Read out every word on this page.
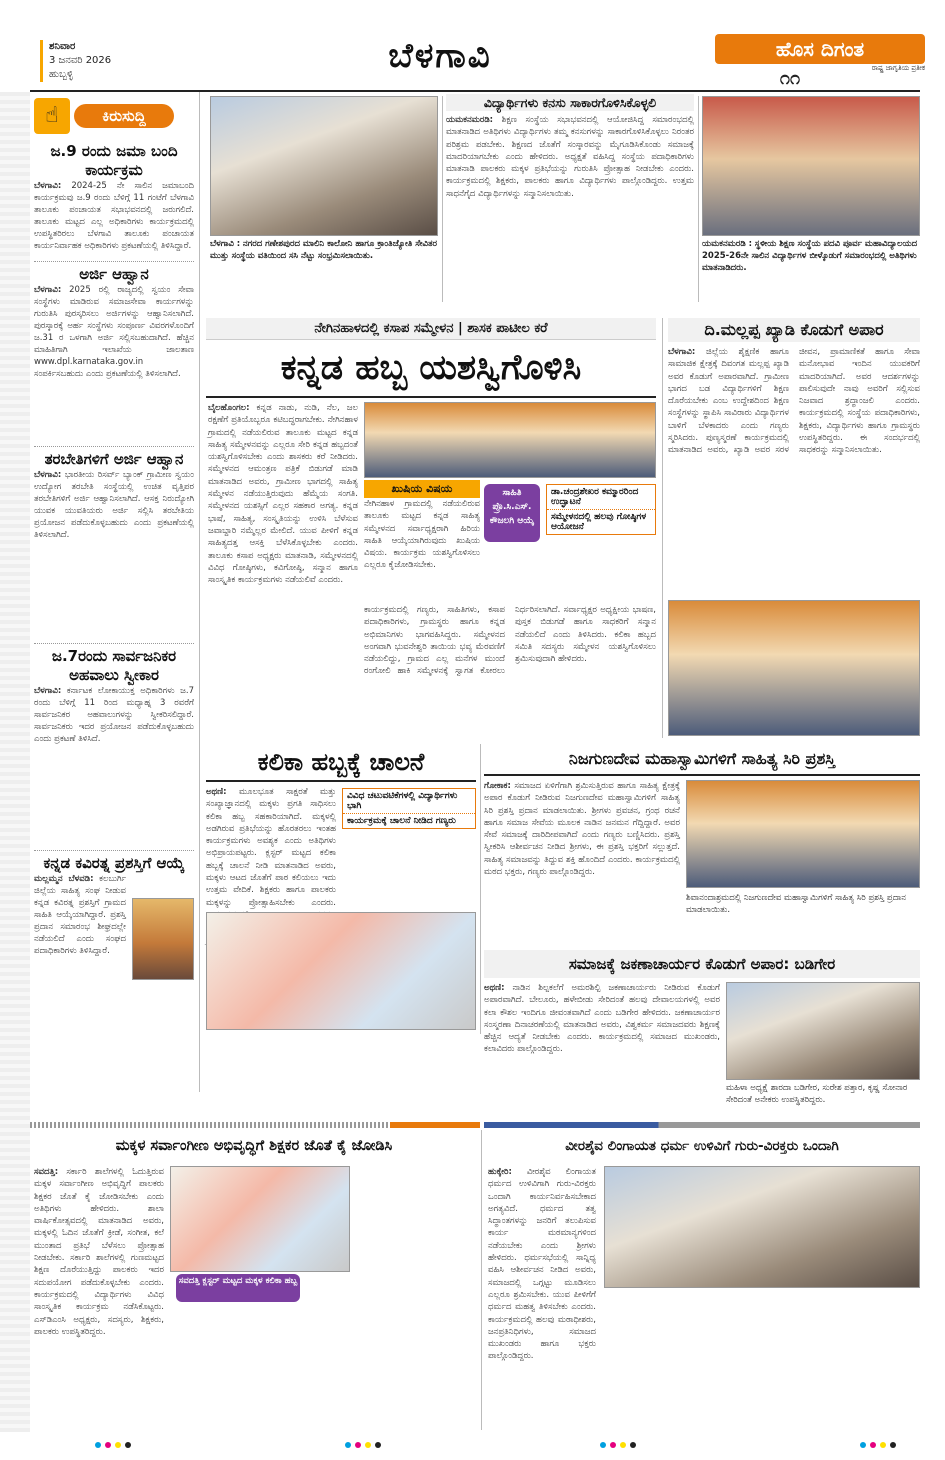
ಶನಿವಾರ
3 ಜನವರಿ 2026
ಹುಬ್ಬಳ್ಳಿ	ಬೆಳಗಾವಿ	ಹೊಸ ದಿಗಂತ
ರಾಷ್ಟ್ರ ಜಾಗೃತಿಯ ಪ್ರತೀಕ
೧೧
☝	ಕಿರುಸುದ್ದಿ
ಜ.9 ರಂದು ಜಮಾ ಬಂದಿ ಕಾರ್ಯಕ್ರಮ
ಬೆಳಗಾವಿ: 2024-25 ನೇ ಸಾಲಿನ ಜಮಾಬಂದಿ ಕಾರ್ಯಕ್ರಮವು ಜ.9 ರಂದು ಬೆಳಿಗ್ಗೆ 11 ಗಂಟೆಗೆ ಬೆಳಗಾವಿ ತಾಲೂಕು ಪಂಚಾಯತ ಸಭಾಭವನದಲ್ಲಿ ಜರುಗಲಿದೆ. ತಾಲೂಕು ಮಟ್ಟದ ಎಲ್ಲ ಅಧಿಕಾರಿಗಳು ಕಾರ್ಯಕ್ರಮದಲ್ಲಿ ಉಪಸ್ಥಿತರಿರಲು ಬೆಳಗಾವಿ ತಾಲೂಕು ಪಂಚಾಯತ ಕಾರ್ಯನಿರ್ವಾಹಕ ಅಧಿಕಾರಿಗಳು ಪ್ರಕಟಣೆಯಲ್ಲಿ ತಿಳಿಸಿದ್ದಾರೆ.
ಅರ್ಜಿ ಆಹ್ವಾನ
ಬೆಳಗಾವಿ: 2025 ರಲ್ಲಿ ರಾಜ್ಯದಲ್ಲಿ ಸ್ವಯಂ ಸೇವಾ ಸಂಸ್ಥೆಗಳು ಮಾಡಿರುವ ಸಮಾಜಸೇವಾ ಕಾರ್ಯಗಳನ್ನು ಗುರುತಿಸಿ ಪುರಸ್ಕರಿಸಲು ಅರ್ಜಿಗಳನ್ನು ಆಹ್ವಾನಿಸಲಾಗಿದೆ. ಪುರಸ್ಕಾರಕ್ಕೆ ಅರ್ಹ ಸಂಸ್ಥೆಗಳು ಸಂಪೂರ್ಣ ವಿವರಗಳೊಂದಿಗೆ ಜ.31 ರ ಒಳಗಾಗಿ ಅರ್ಜಿ ಸಲ್ಲಿಸಬಹುದಾಗಿದೆ. ಹೆಚ್ಚಿನ ಮಾಹಿತಿಗಾಗಿ ಇಲಾಖೆಯ ಜಾಲತಾಣ www.dpl.karnataka.gov.in ಸಂಪರ್ಕಿಸಬಹುದು ಎಂದು ಪ್ರಕಟಣೆಯಲ್ಲಿ ತಿಳಿಸಲಾಗಿದೆ.
ತರಬೇತಿಗಳಿಗೆ ಅರ್ಜಿ ಆಹ್ವಾನ
ಬೆಳಗಾವಿ: ಭಾರತೀಯ ರಿಸರ್ವ್ ಬ್ಯಾಂಕ್ ಗ್ರಾಮೀಣ ಸ್ವಯಂ ಉದ್ಯೋಗ ತರಬೇತಿ ಸಂಸ್ಥೆಯಲ್ಲಿ ಉಚಿತ ವೃತ್ತಿಪರ ತರಬೇತಿಗಳಿಗೆ ಅರ್ಜಿ ಆಹ್ವಾನಿಸಲಾಗಿದೆ. ಆಸಕ್ತ ನಿರುದ್ಯೋಗಿ ಯುವಕ ಯುವತಿಯರು ಅರ್ಜಿ ಸಲ್ಲಿಸಿ ತರಬೇತಿಯ ಪ್ರಯೋಜನ ಪಡೆದುಕೊಳ್ಳಬಹುದು ಎಂದು ಪ್ರಕಟಣೆಯಲ್ಲಿ ತಿಳಿಸಲಾಗಿದೆ.
ಜ.7ರಂದು ಸಾರ್ವಜನಿಕರ ಅಹವಾಲು ಸ್ವೀಕಾರ
ಬೆಳಗಾವಿ: ಕರ್ನಾಟಕ ಲೋಕಾಯುಕ್ತ ಅಧಿಕಾರಿಗಳು ಜ.7 ರಂದು ಬೆಳಿಗ್ಗೆ 11 ರಿಂದ ಮಧ್ಯಾಹ್ನ 3 ರವರೆಗೆ ಸಾರ್ವಜನಿಕರ ಅಹವಾಲುಗಳನ್ನು ಸ್ವೀಕರಿಸಲಿದ್ದಾರೆ. ಸಾರ್ವಜನಿಕರು ಇದರ ಪ್ರಯೋಜನ ಪಡೆದುಕೊಳ್ಳಬಹುದು ಎಂದು ಪ್ರಕಟಣೆ ತಿಳಿಸಿದೆ.
ಕನ್ನಡ ಕವಿರತ್ನ ಪ್ರಶಸ್ತಿಗೆ ಆಯ್ಕೆ
ಮಲ್ಲಮ್ಮನ ಬೆಳವಡಿ: ಕಲಬುರ್ಗಿ ಜಿಲ್ಲೆಯ ಸಾಹಿತ್ಯ ಸಂಘ ನೀಡುವ ಕನ್ನಡ ಕವಿರತ್ನ ಪ್ರಶಸ್ತಿಗೆ ಗ್ರಾಮದ ಸಾಹಿತಿ ಆಯ್ಕೆಯಾಗಿದ್ದಾರೆ. ಪ್ರಶಸ್ತಿ ಪ್ರದಾನ ಸಮಾರಂಭ ಶೀಘ್ರದಲ್ಲೇ ನಡೆಯಲಿದೆ ಎಂದು ಸಂಘದ ಪದಾಧಿಕಾರಿಗಳು ತಿಳಿಸಿದ್ದಾರೆ.
ಬೆಳಗಾವಿ : ನಗರದ ಗಣೇಶಪುರದ ಮಾಲಿನಿ ಕಾಲೋನಿ ಹಾಗೂ ಕ್ರಾಂತಿಜ್ಯೋತಿ ಸೇವಿತರ ಮುತ್ತು ಸಂಸ್ಥೆಯ ವತಿಯಿಂದ ಸಸಿ ನೆಟ್ಟು ಸಂಭ್ರಮಿಸಲಾಯಿತು.
ವಿದ್ಯಾರ್ಥಿಗಳು ಕನಸು ಸಾಕಾರಗೊಳಿಸಿಕೊಳ್ಳಲಿ
ಯಮಕನಮರಡಿ: ಶಿಕ್ಷಣ ಸಂಸ್ಥೆಯ ಸಭಾಭವನದಲ್ಲಿ ಆಯೋಜಿಸಿದ್ದ ಸಮಾರಂಭದಲ್ಲಿ ಮಾತನಾಡಿದ ಅತಿಥಿಗಳು ವಿದ್ಯಾರ್ಥಿಗಳು ತಮ್ಮ ಕನಸುಗಳನ್ನು ಸಾಕಾರಗೊಳಿಸಿಕೊಳ್ಳಲು ನಿರಂತರ ಪರಿಶ್ರಮ ಪಡಬೇಕು. ಶಿಕ್ಷಣದ ಜೊತೆಗೆ ಸಂಸ್ಕಾರವನ್ನು ಮೈಗೂಡಿಸಿಕೊಂಡು ಸಮಾಜಕ್ಕೆ ಮಾದರಿಯಾಗಬೇಕು ಎಂದು ಹೇಳಿದರು. ಅಧ್ಯಕ್ಷತೆ ವಹಿಸಿದ್ದ ಸಂಸ್ಥೆಯ ಪದಾಧಿಕಾರಿಗಳು ಮಾತನಾಡಿ ಪಾಲಕರು ಮಕ್ಕಳ ಪ್ರತಿಭೆಯನ್ನು ಗುರುತಿಸಿ ಪ್ರೋತ್ಸಾಹ ನೀಡಬೇಕು ಎಂದರು. ಕಾರ್ಯಕ್ರಮದಲ್ಲಿ ಶಿಕ್ಷಕರು, ಪಾಲಕರು ಹಾಗೂ ವಿದ್ಯಾರ್ಥಿಗಳು ಪಾಲ್ಗೊಂಡಿದ್ದರು. ಉತ್ತಮ ಸಾಧನೆಗೈದ ವಿದ್ಯಾರ್ಥಿಗಳನ್ನು ಸನ್ಮಾನಿಸಲಾಯಿತು.
ಯಮಕನಮರಡಿ : ಸ್ಥಳೀಯ ಶಿಕ್ಷಣ ಸಂಸ್ಥೆಯ ಪದವಿ ಪೂರ್ವ ಮಹಾವಿದ್ಯಾಲಯದ 2025-26ನೇ ಸಾಲಿನ ವಿದ್ಯಾರ್ಥಿಗಳ ಬೀಳ್ಕೊಡುಗೆ ಸಮಾರಂಭದಲ್ಲಿ ಅತಿಥಿಗಳು ಮಾತನಾಡಿದರು.
ನೇಗಿನಹಾಳದಲ್ಲಿ ಕಸಾಪ ಸಮ್ಮೇಳನ | ಶಾಸಕ ಪಾಟೀಲ ಕರೆ
ಕನ್ನಡ ಹಬ್ಬ ಯಶಸ್ವಿಗೊಳಿಸಿ
ಬೈಲಹೊಂಗಲ: ಕನ್ನಡ ನಾಡು, ನುಡಿ, ನೆಲ, ಜಲ ರಕ್ಷಣೆಗೆ ಪ್ರತಿಯೊಬ್ಬರೂ ಕಟಿಬದ್ಧರಾಗಬೇಕು. ನೇಗಿನಹಾಳ ಗ್ರಾಮದಲ್ಲಿ ನಡೆಯಲಿರುವ ತಾಲೂಕು ಮಟ್ಟದ ಕನ್ನಡ ಸಾಹಿತ್ಯ ಸಮ್ಮೇಳನವನ್ನು ಎಲ್ಲರೂ ಸೇರಿ ಕನ್ನಡ ಹಬ್ಬದಂತೆ ಯಶಸ್ವಿಗೊಳಿಸಬೇಕು ಎಂದು ಶಾಸಕರು ಕರೆ ನೀಡಿದರು. ಸಮ್ಮೇಳನದ ಆಮಂತ್ರಣ ಪತ್ರಿಕೆ ಬಿಡುಗಡೆ ಮಾಡಿ ಮಾತನಾಡಿದ ಅವರು, ಗ್ರಾಮೀಣ ಭಾಗದಲ್ಲಿ ಸಾಹಿತ್ಯ ಸಮ್ಮೇಳನ ನಡೆಯುತ್ತಿರುವುದು ಹೆಮ್ಮೆಯ ಸಂಗತಿ. ಸಮ್ಮೇಳನದ ಯಶಸ್ಸಿಗೆ ಎಲ್ಲರ ಸಹಕಾರ ಅಗತ್ಯ. ಕನ್ನಡ ಭಾಷೆ, ಸಾಹಿತ್ಯ, ಸಂಸ್ಕೃತಿಯನ್ನು ಉಳಿಸಿ ಬೆಳೆಸುವ ಜವಾಬ್ದಾರಿ ನಮ್ಮೆಲ್ಲರ ಮೇಲಿದೆ. ಯುವ ಪೀಳಿಗೆ ಕನ್ನಡ ಸಾಹಿತ್ಯದತ್ತ ಆಸಕ್ತಿ ಬೆಳೆಸಿಕೊಳ್ಳಬೇಕು ಎಂದರು. ತಾಲೂಕು ಕಸಾಪ ಅಧ್ಯಕ್ಷರು ಮಾತನಾಡಿ, ಸಮ್ಮೇಳನದಲ್ಲಿ ವಿವಿಧ ಗೋಷ್ಠಿಗಳು, ಕವಿಗೋಷ್ಠಿ, ಸನ್ಮಾನ ಹಾಗೂ ಸಾಂಸ್ಕೃತಿಕ ಕಾರ್ಯಕ್ರಮಗಳು ನಡೆಯಲಿವೆ ಎಂದರು.
ಖುಷಿಯ ವಿಷಯ
ನೇಗಿನಹಾಳ ಗ್ರಾಮದಲ್ಲಿ ನಡೆಯಲಿರುವ ತಾಲೂಕು ಮಟ್ಟದ ಕನ್ನಡ ಸಾಹಿತ್ಯ ಸಮ್ಮೇಳನದ ಸರ್ವಾಧ್ಯಕ್ಷರಾಗಿ ಹಿರಿಯ ಸಾಹಿತಿ ಆಯ್ಕೆಯಾಗಿರುವುದು ಖುಷಿಯ ವಿಷಯ. ಕಾರ್ಯಕ್ರಮ ಯಶಸ್ವಿಗೊಳಿಸಲು ಎಲ್ಲರೂ ಕೈಜೋಡಿಸಬೇಕು.
ಸಾಹಿತಿ ಪ್ರೊ.ಸಿ.ಎಸ್. ಕೌಜಲಗಿ ಆಯ್ಕೆ
ಡಾ.ಚಂದ್ರಶೇಖರ ಕಮ್ಮಾರರಿಂದ ಉದ್ಘಾಟನೆ
ಸಮ್ಮೇಳನದಲ್ಲಿ ಹಲವು ಗೋಷ್ಠಿಗಳ ಆಯೋಜನೆ
ಕಾರ್ಯಕ್ರಮದಲ್ಲಿ ಗಣ್ಯರು, ಸಾಹಿತಿಗಳು, ಕಸಾಪ ಪದಾಧಿಕಾರಿಗಳು, ಗ್ರಾಮಸ್ಥರು ಹಾಗೂ ಕನ್ನಡ ಅಭಿಮಾನಿಗಳು ಭಾಗವಹಿಸಿದ್ದರು. ಸಮ್ಮೇಳನದ ಅಂಗವಾಗಿ ಭುವನೇಶ್ವರಿ ತಾಯಿಯ ಭವ್ಯ ಮೆರವಣಿಗೆ ನಡೆಯಲಿದ್ದು, ಗ್ರಾಮದ ಎಲ್ಲ ಮನೆಗಳ ಮುಂದೆ ರಂಗೋಲಿ ಹಾಕಿ ಸಮ್ಮೇಳನಕ್ಕೆ ಸ್ವಾಗತ ಕೋರಲು ನಿರ್ಧರಿಸಲಾಗಿದೆ. ಸರ್ವಾಧ್ಯಕ್ಷರ ಅಧ್ಯಕ್ಷೀಯ ಭಾಷಣ, ಪುಸ್ತಕ ಬಿಡುಗಡೆ ಹಾಗೂ ಸಾಧಕರಿಗೆ ಸನ್ಮಾನ ನಡೆಯಲಿದೆ ಎಂದು ತಿಳಿಸಿದರು. ಕಲಿಕಾ ಹಬ್ಬದ ಸಮಿತಿ ಸದಸ್ಯರು ಸಮ್ಮೇಳನ ಯಶಸ್ವಿಗೊಳಿಸಲು ಶ್ರಮಿಸುವುದಾಗಿ ಹೇಳಿದರು.
ದಿ.ಮಲ್ಲಪ್ಪ ಖ್ಯಾಡಿ ಕೊಡುಗೆ ಅಪಾರ
ಬೆಳಗಾವಿ: ಜಿಲ್ಲೆಯ ಶೈಕ್ಷಣಿಕ ಹಾಗೂ ಸಾಮಾಜಿಕ ಕ್ಷೇತ್ರಕ್ಕೆ ದಿವಂಗತ ಮಲ್ಲಪ್ಪ ಖ್ಯಾಡಿ ಅವರ ಕೊಡುಗೆ ಅಪಾರವಾಗಿದೆ. ಗ್ರಾಮೀಣ ಭಾಗದ ಬಡ ವಿದ್ಯಾರ್ಥಿಗಳಿಗೆ ಶಿಕ್ಷಣ ದೊರೆಯಬೇಕು ಎಂಬ ಉದ್ದೇಶದಿಂದ ಶಿಕ್ಷಣ ಸಂಸ್ಥೆಗಳನ್ನು ಸ್ಥಾಪಿಸಿ ಸಾವಿರಾರು ವಿದ್ಯಾರ್ಥಿಗಳ ಬಾಳಿಗೆ ಬೆಳಕಾದರು ಎಂದು ಗಣ್ಯರು ಸ್ಮರಿಸಿದರು. ಪುಣ್ಯಸ್ಮರಣೆ ಕಾರ್ಯಕ್ರಮದಲ್ಲಿ ಮಾತನಾಡಿದ ಅವರು, ಖ್ಯಾಡಿ ಅವರ ಸರಳ ಜೀವನ, ಪ್ರಾಮಾಣಿಕತೆ ಹಾಗೂ ಸೇವಾ ಮನೋಭಾವ ಇಂದಿನ ಯುವಕರಿಗೆ ಮಾದರಿಯಾಗಿದೆ. ಅವರ ಆದರ್ಶಗಳನ್ನು ಪಾಲಿಸುವುದೇ ನಾವು ಅವರಿಗೆ ಸಲ್ಲಿಸುವ ನಿಜವಾದ ಶ್ರದ್ಧಾಂಜಲಿ ಎಂದರು. ಕಾರ್ಯಕ್ರಮದಲ್ಲಿ ಸಂಸ್ಥೆಯ ಪದಾಧಿಕಾರಿಗಳು, ಶಿಕ್ಷಕರು, ವಿದ್ಯಾರ್ಥಿಗಳು ಹಾಗೂ ಗ್ರಾಮಸ್ಥರು ಉಪಸ್ಥಿತರಿದ್ದರು. ಈ ಸಂದರ್ಭದಲ್ಲಿ ಸಾಧಕರನ್ನು ಸನ್ಮಾನಿಸಲಾಯಿತು.
ಕಲಿಕಾ ಹಬ್ಬಕ್ಕೆ ಚಾಲನೆ
ಅಥಣಿ: ಮೂಲಭೂತ ಸಾಕ್ಷರತೆ ಮತ್ತು ಸಂಖ್ಯಾಜ್ಞಾನದಲ್ಲಿ ಮಕ್ಕಳು ಪ್ರಗತಿ ಸಾಧಿಸಲು ಕಲಿಕಾ ಹಬ್ಬ ಸಹಕಾರಿಯಾಗಿದೆ. ಮಕ್ಕಳಲ್ಲಿ ಅಡಗಿರುವ ಪ್ರತಿಭೆಯನ್ನು ಹೊರತರಲು ಇಂತಹ ಕಾರ್ಯಕ್ರಮಗಳು ಅವಶ್ಯಕ ಎಂದು ಅತಿಥಿಗಳು ಅಭಿಪ್ರಾಯಪಟ್ಟರು. ಕ್ಲಸ್ಟರ್ ಮಟ್ಟದ ಕಲಿಕಾ ಹಬ್ಬಕ್ಕೆ ಚಾಲನೆ ನೀಡಿ ಮಾತನಾಡಿದ ಅವರು, ಮಕ್ಕಳು ಆಟದ ಜೊತೆಗೆ ಪಾಠ ಕಲಿಯಲು ಇದು ಉತ್ತಮ ವೇದಿಕೆ. ಶಿಕ್ಷಕರು ಹಾಗೂ ಪಾಲಕರು ಮಕ್ಕಳನ್ನು ಪ್ರೋತ್ಸಾಹಿಸಬೇಕು ಎಂದರು.
ವಿವಿಧ ಚಟುವಟಿಕೆಗಳಲ್ಲಿ ವಿದ್ಯಾರ್ಥಿಗಳು ಭಾಗಿ
ಕಾರ್ಯಕ್ರಮಕ್ಕೆ ಚಾಲನೆ ನೀಡಿದ ಗಣ್ಯರು
ನಿಜಗುಣದೇವ ಮಹಾಸ್ವಾಮಿಗಳಿಗೆ ಸಾಹಿತ್ಯ ಸಿರಿ ಪ್ರಶಸ್ತಿ
ಗೋಕಾಕ: ಸಮಾಜದ ಏಳಿಗೆಗಾಗಿ ಶ್ರಮಿಸುತ್ತಿರುವ ಹಾಗೂ ಸಾಹಿತ್ಯ ಕ್ಷೇತ್ರಕ್ಕೆ ಅಪಾರ ಕೊಡುಗೆ ನೀಡಿರುವ ನಿಜಗುಣದೇವ ಮಹಾಸ್ವಾಮಿಗಳಿಗೆ ಸಾಹಿತ್ಯ ಸಿರಿ ಪ್ರಶಸ್ತಿ ಪ್ರದಾನ ಮಾಡಲಾಯಿತು. ಶ್ರೀಗಳು ಪ್ರವಚನ, ಗ್ರಂಥ ರಚನೆ ಹಾಗೂ ಸಮಾಜ ಸೇವೆಯ ಮೂಲಕ ನಾಡಿನ ಜನಮನ ಗೆದ್ದಿದ್ದಾರೆ. ಅವರ ಸೇವೆ ಸಮಾಜಕ್ಕೆ ದಾರಿದೀಪವಾಗಿದೆ ಎಂದು ಗಣ್ಯರು ಬಣ್ಣಿಸಿದರು. ಪ್ರಶಸ್ತಿ ಸ್ವೀಕರಿಸಿ ಆಶೀರ್ವಚನ ನೀಡಿದ ಶ್ರೀಗಳು, ಈ ಪ್ರಶಸ್ತಿ ಭಕ್ತರಿಗೆ ಸಲ್ಲುತ್ತದೆ. ಸಾಹಿತ್ಯ ಸಮಾಜವನ್ನು ತಿದ್ದುವ ಶಕ್ತಿ ಹೊಂದಿದೆ ಎಂದರು. ಕಾರ್ಯಕ್ರಮದಲ್ಲಿ ಮಠದ ಭಕ್ತರು, ಗಣ್ಯರು ಪಾಲ್ಗೊಂಡಿದ್ದರು.
ಶಿವಾನಂದಾಶ್ರಮದಲ್ಲಿ ನಿಜಗುಣದೇವ ಮಹಾಸ್ವಾಮಿಗಳಿಗೆ ಸಾಹಿತ್ಯ ಸಿರಿ ಪ್ರಶಸ್ತಿ ಪ್ರದಾನ ಮಾಡಲಾಯಿತು.
ಸಮಾಜಕ್ಕೆ ಜಕಣಾಚಾರ್ಯರ ಕೊಡುಗೆ ಅಪಾರ: ಬಡಿಗೇರ
ಅಥಣಿ: ನಾಡಿನ ಶಿಲ್ಪಕಲೆಗೆ ಅಮರಶಿಲ್ಪಿ ಜಕಣಾಚಾರ್ಯರು ನೀಡಿರುವ ಕೊಡುಗೆ ಅಪಾರವಾಗಿದೆ. ಬೇಲೂರು, ಹಳೇಬೀಡು ಸೇರಿದಂತೆ ಹಲವು ದೇವಾಲಯಗಳಲ್ಲಿ ಅವರ ಕಲಾ ಕೌಶಲ ಇಂದಿಗೂ ಜೀವಂತವಾಗಿದೆ ಎಂದು ಬಡಿಗೇರ ಹೇಳಿದರು. ಜಕಣಾಚಾರ್ಯರ ಸಂಸ್ಮರಣಾ ದಿನಾಚರಣೆಯಲ್ಲಿ ಮಾತನಾಡಿದ ಅವರು, ವಿಶ್ವಕರ್ಮ ಸಮಾಜದವರು ಶಿಕ್ಷಣಕ್ಕೆ ಹೆಚ್ಚಿನ ಆದ್ಯತೆ ನೀಡಬೇಕು ಎಂದರು. ಕಾರ್ಯಕ್ರಮದಲ್ಲಿ ಸಮಾಜದ ಮುಖಂಡರು, ಕಲಾವಿದರು ಪಾಲ್ಗೊಂಡಿದ್ದರು.
ಮಹಿಳಾ ಅಧ್ಯಕ್ಷೆ ಶಾರದಾ ಬಡಿಗೇರ, ಸುರೇಶ ಪತ್ತಾರ, ಕೃಷ್ಣ ಸೋನಾರ ಸೇರಿದಂತೆ ಅನೇಕರು ಉಪಸ್ಥಿತರಿದ್ದರು.
ಮಕ್ಕಳ ಸರ್ವಾಂಗೀಣ ಅಭಿವೃದ್ಧಿಗೆ ಶಿಕ್ಷಕರ ಜೊತೆ ಕೈ ಜೋಡಿಸಿ
ಸವದತ್ತಿ: ಸರ್ಕಾರಿ ಶಾಲೆಗಳಲ್ಲಿ ಓದುತ್ತಿರುವ ಮಕ್ಕಳ ಸರ್ವಾಂಗೀಣ ಅಭಿವೃದ್ಧಿಗೆ ಪಾಲಕರು ಶಿಕ್ಷಕರ ಜೊತೆ ಕೈ ಜೋಡಿಸಬೇಕು ಎಂದು ಅತಿಥಿಗಳು ಹೇಳಿದರು. ಶಾಲಾ ವಾರ್ಷಿಕೋತ್ಸವದಲ್ಲಿ ಮಾತನಾಡಿದ ಅವರು, ಮಕ್ಕಳಲ್ಲಿ ಓದಿನ ಜೊತೆಗೆ ಕ್ರೀಡೆ, ಸಂಗೀತ, ಕಲೆ ಮುಂತಾದ ಪ್ರತಿಭೆ ಬೆಳೆಸಲು ಪ್ರೋತ್ಸಾಹ ನೀಡಬೇಕು. ಸರ್ಕಾರಿ ಶಾಲೆಗಳಲ್ಲಿ ಗುಣಮಟ್ಟದ ಶಿಕ್ಷಣ ದೊರೆಯುತ್ತಿದ್ದು ಪಾಲಕರು ಇದರ ಸದುಪಯೋಗ ಪಡೆದುಕೊಳ್ಳಬೇಕು ಎಂದರು. ಕಾರ್ಯಕ್ರಮದಲ್ಲಿ ವಿದ್ಯಾರ್ಥಿಗಳು ವಿವಿಧ ಸಾಂಸ್ಕೃತಿಕ ಕಾರ್ಯಕ್ರಮ ನಡೆಸಿಕೊಟ್ಟರು. ಎಸ್‌ಡಿಎಂಸಿ ಅಧ್ಯಕ್ಷರು, ಸದಸ್ಯರು, ಶಿಕ್ಷಕರು, ಪಾಲಕರು ಉಪಸ್ಥಿತರಿದ್ದರು.
ಸವದತ್ತಿ ಕ್ಲಸ್ಟರ್ ಮಟ್ಟದ ಮಕ್ಕಳ ಕಲಿಕಾ ಹಬ್ಬ
ವೀರಶೈವ ಲಿಂಗಾಯತ ಧರ್ಮ ಉಳಿವಿಗೆ ಗುರು-ವಿರಕ್ತರು ಒಂದಾಗಿ
ಹುಕ್ಕೇರಿ: ವೀರಶೈವ ಲಿಂಗಾಯತ ಧರ್ಮದ ಉಳಿವಿಗಾಗಿ ಗುರು-ವಿರಕ್ತರು ಒಂದಾಗಿ ಕಾರ್ಯನಿರ್ವಹಿಸಬೇಕಾದ ಅಗತ್ಯವಿದೆ. ಧರ್ಮದ ತತ್ವ ಸಿದ್ಧಾಂತಗಳನ್ನು ಜನರಿಗೆ ತಲುಪಿಸುವ ಕಾರ್ಯ ಮಠಮಾನ್ಯಗಳಿಂದ ನಡೆಯಬೇಕು ಎಂದು ಶ್ರೀಗಳು ಹೇಳಿದರು. ಧರ್ಮಸಭೆಯಲ್ಲಿ ಸಾನ್ನಿಧ್ಯ ವಹಿಸಿ ಆಶೀರ್ವಚನ ನೀಡಿದ ಅವರು, ಸಮಾಜದಲ್ಲಿ ಒಗ್ಗಟ್ಟು ಮೂಡಿಸಲು ಎಲ್ಲರೂ ಶ್ರಮಿಸಬೇಕು. ಯುವ ಪೀಳಿಗೆಗೆ ಧರ್ಮದ ಮಹತ್ವ ತಿಳಿಸಬೇಕು ಎಂದರು. ಕಾರ್ಯಕ್ರಮದಲ್ಲಿ ಹಲವು ಮಠಾಧೀಶರು, ಜನಪ್ರತಿನಿಧಿಗಳು, ಸಮಾಜದ ಮುಖಂಡರು ಹಾಗೂ ಭಕ್ತರು ಪಾಲ್ಗೊಂಡಿದ್ದರು.
